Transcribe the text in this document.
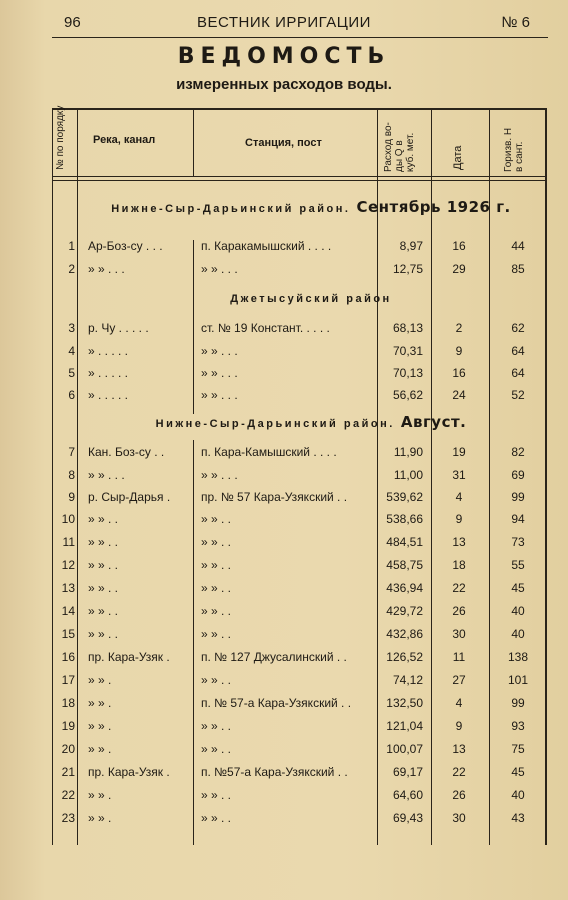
96	ВЕСТНИК ИРРИГАЦИИ	№ 6
ВЕДОМОСТЬ
измеренных расходов воды.
№ по порядку Река, канал	Станция, пост	Расход во- ды Q в куб. мет.	Дата	Горизв. Н в сант.
Нижне-Сыр-Дарьинский район. Сентябрь 1926 г.
Джетысуйский район
Нижне-Сыр-Дарьинский район. Август.
1 Ар-Боз-су . . .	п. Каракамышский . . . .	8,97	16	44
2 » » . . .	» » . . .	12,75	29	85
3 р. Чу . . . . .	ст. № 19 Констант. . . . .	68,13	2	62
4 » . . . . .	» » . . .	70,31	9	64
5 » . . . . .	» » . . .	70,13	16	64
6 » . . . . .	» » . . .	56,62	24	52
7 Кан. Боз-су . .	п. Кара-Камышский . . . .	11,90	19	82
8 » » . . .	» » . . .	11,00	31	69
9 р. Сыр-Дарья .	пр. № 57 Кара-Узякский . .	539,62	4	99
10 » » . .	» » . .	538,66	9	94
11 » » . .	» » . .	484,51	13	73
12 » » . .	» » . .	458,75	18	55
13 » » . .	» » . .	436,94	22	45
14 » » . .	» » . .	429,72	26	40
15 » » . .	» » . .	432,86	30	40
16 пр. Кара-Узяк .	п. № 127 Джусалинский . .	126,52	11	138
17 » » .	» » . .	74,12	27	101
18 » » .	п. № 57-а Кара-Узякский . .	132,50	4	99
19 » » .	» » . .	121,04	9	93
20 » » .	» » . .	100,07	13	75
21 пр. Кара-Узяк .	п. №57-а Кара-Узякский . .	69,17	22	45
22 » » .	» » . .	64,60	26	40
23 » » .	» » . .	69,43	30	43
